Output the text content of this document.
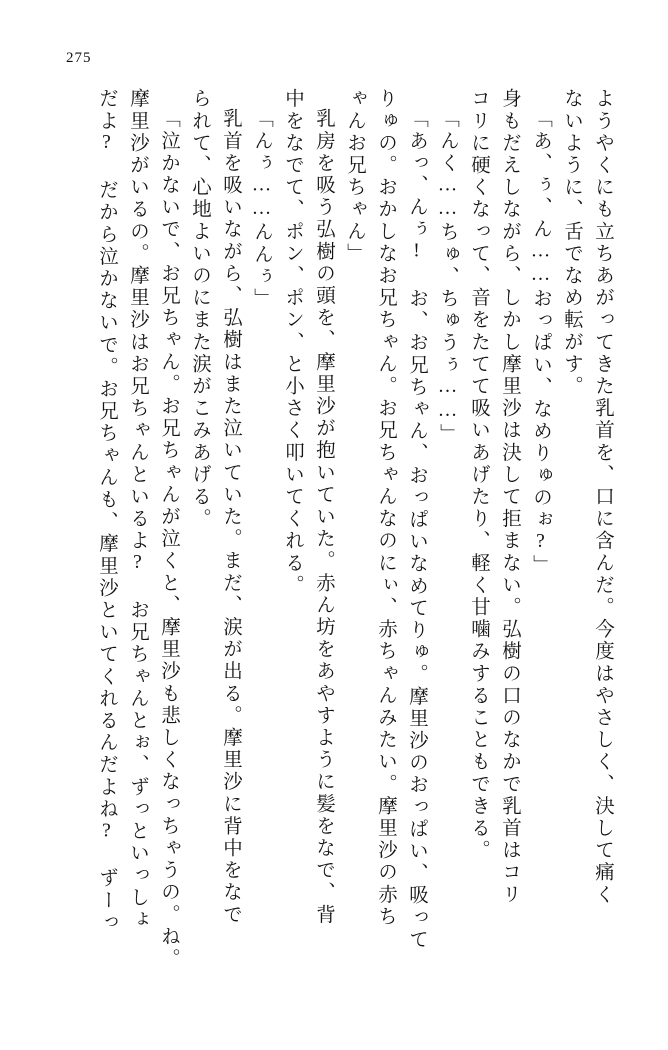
275
ようやくにも立ちあがってきた乳首を、口に含んだ。今度はやさしく、決して痛く
ないように、舌でなめ転がす。
「あ、ぅ、ん……おっぱい、なめりゅのぉ?」
身もだえしながら、しかし摩里沙は決して拒まない。弘樹の口のなかで乳首はコリ
コリに硬くなって、音をたてて吸いあげたり、軽く甘噛みすることもできる。
「んく……ちゅ、ちゅうぅ……」
「あっ、んぅ! お、お兄ちゃん、おっぱいなめてりゅ。摩里沙のおっぱい、吸って
りゅの。おかしなお兄ちゃん。お兄ちゃんなのにぃ、赤ちゃんみたい。摩里沙の赤ち
ゃんお兄ちゃん」
乳房を吸う弘樹の頭を、摩里沙が抱いていた。赤ん坊をあやすように髪をなで、背
中をなでて、ポン、ポン、と小さく叩いてくれる。
「んぅ……んんぅ」
乳首を吸いながら、弘樹はまた泣いていた。まだ、涙が出る。摩里沙に背中をなで
られて、心地よいのにまた涙がこみあげる。
「泣かないで、お兄ちゃん。お兄ちゃんが泣くと、摩里沙も悲しくなっちゃうの。ね。
摩里沙がいるの。摩里沙はお兄ちゃんといるよ? お兄ちゃんとぉ、ずっといっしょ
だよ? だから泣かないで。お兄ちゃんも、摩里沙といてくれるんだよね? ずーっ
